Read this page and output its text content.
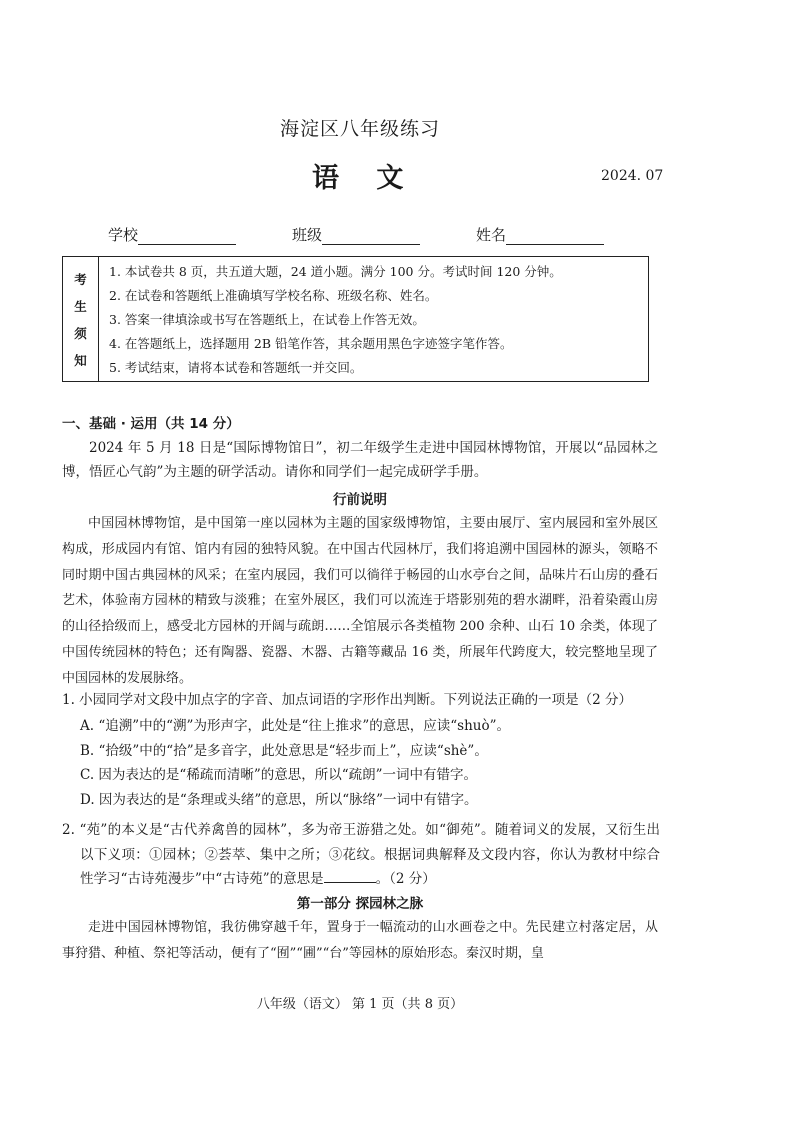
海淀区八年级练习
语 文	2024. 07
学校	班级	姓名
考
生
须
知
1. 本试卷共 8 页，共五道大题，24 道小题。满分 100 分。考试时间 120 分钟。
2. 在试卷和答题纸上准确填写学校名称、班级名称、姓名。
3. 答案一律填涂或书写在答题纸上，在试卷上作答无效。
4. 在答题纸上，选择题用 2B 铅笔作答，其余题用黑色字迹签字笔作答。
5. 考试结束，请将本试卷和答题纸一并交回。
一、基础 · 运用（共 14 分）

2024 年 5 月 18 日是“国际博物馆日”，初二年级学生走进中国园林博物馆，开展以“品园林之博，悟匠心气韵”为主题的研学活动。请你和同学们一起完成研学手册。

行前说明

中国园林博物馆，是中国第一座以园林为主题的国家级博物馆，主要由展厅、室内展园和室外展区构成，形成园内有馆、馆内有园的独特风貌。在中国古代园林厅，我们将追溯中国园林的源头，领略不同时期中国古典园林的风采；在室内展园，我们可以徜徉于畅园的山水亭台之间，品味片石山房的叠石艺术，体验南方园林的精致与淡雅；在室外展区，我们可以流连于塔影别苑的碧水湖畔，沿着染霞山房的山径拾级而上，感受北方园林的开阔与疏朗……全馆展示各类植物 200 余种、山石 10 余类，体现了中国传统园林的特色；还有陶器、瓷器、木器、古籍等藏品 16 类，所展年代跨度大，较完整地呈现了中国园林的发展脉络。

1. 小园同学对文段中加点字的字音、加点词语的字形作出判断。下列说法正确的一项是（2 分）

A. “追溯”中的“溯”为形声字，此处是“往上推求”的意思，应读“shuò”。
B. “拾级”中的“拾”是多音字，此处意思是“轻步而上”，应读“shè”。
C. 因为表达的是“稀疏而清晰”的意思，所以“疏朗”一词中有错字。
D. 因为表达的是“条理或头绪”的意思，所以“脉络”一词中有错字。

2. “苑”的本义是“古代养禽兽的园林”，多为帝王游猎之处。如“御苑”。随着词义的发展，又衍生出以下义项：①园林；②荟萃、集中之所；③花纹。根据词典解释及文段内容，你认为教材中综合性学习“古诗苑漫步”中“古诗苑”的意思是	。（2 分）

第一部分 探园林之脉

走进中国园林博物馆，我彷佛穿越千年，置身于一幅流动的山水画卷之中。先民建立村落定居，从事狩猎、种植、祭祀等活动，便有了“囿”“圃”“台”等园林的原始形态。秦汉时期，皇

八年级（语文） 第 1 页（共 8 页）
